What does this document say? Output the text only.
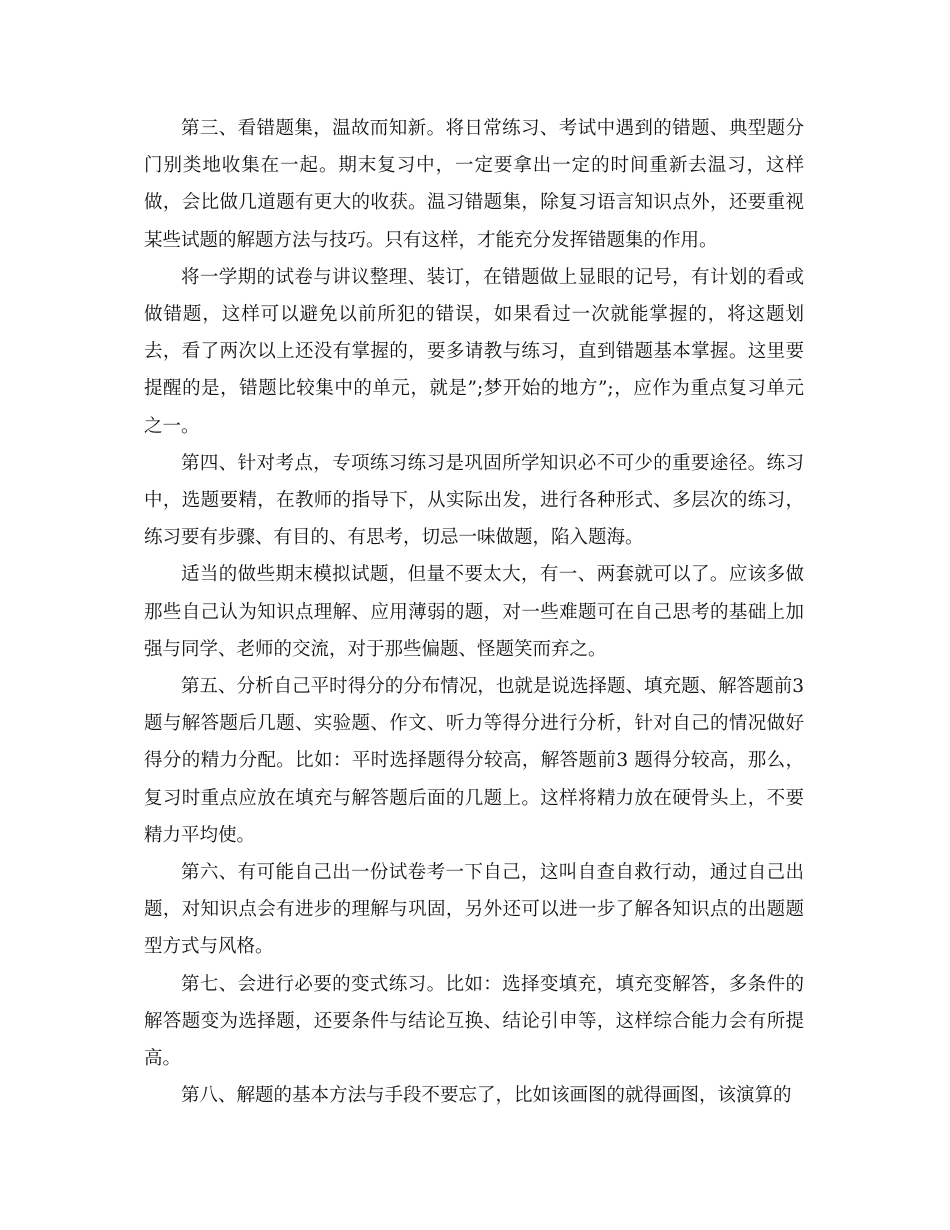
第三、看错题集，温故而知新。将日常练习、考试中遇到的错题、典型题分门别类地收集在一起。期末复习中，一定要拿出一定的时间重新去温习，这样做，会比做几道题有更大的收获。温习错题集，除复习语言知识点外，还要重视某些试题的解题方法与技巧。只有这样，才能充分发挥错题集的作用。

将一学期的试卷与讲议整理、装订，在错题做上显眼的记号，有计划的看或做错题，这样可以避免以前所犯的错误，如果看过一次就能掌握的，将这题划去，看了两次以上还没有掌握的，要多请教与练习，直到错题基本掌握。这里要提醒的是，错题比较集中的单元，就是”;梦开始的地方”;，应作为重点复习单元之一。

第四、针对考点，专项练习练习是巩固所学知识必不可少的重要途径。练习中，选题要精，在教师的指导下，从实际出发，进行各种形式、多层次的练习，练习要有步骤、有目的、有思考，切忌一味做题，陷入题海。

适当的做些期末模拟试题，但量不要太大，有一、两套就可以了。应该多做那些自己认为知识点理解、应用薄弱的题，对一些难题可在自己思考的基础上加强与同学、老师的交流，对于那些偏题、怪题笑而弃之。

第五、分析自己平时得分的分布情况，也就是说选择题、填充题、解答题前3 题与解答题后几题、实验题、作文、听力等得分进行分析，针对自己的情况做好得分的精力分配。比如：平时选择题得分较高，解答题前3 题得分较高，那么，复习时重点应放在填充与解答题后面的几题上。这样将精力放在硬骨头上，不要精力平均使。

第六、有可能自己出一份试卷考一下自己，这叫自查自救行动，通过自己出题，对知识点会有进步的理解与巩固，另外还可以进一步了解各知识点的出题题型方式与风格。

第七、会进行必要的变式练习。比如：选择变填充，填充变解答，多条件的解答题变为选择题，还要条件与结论互换、结论引申等，这样综合能力会有所提高。

第八、解题的基本方法与手段不要忘了，比如该画图的就得画图，该演算的
